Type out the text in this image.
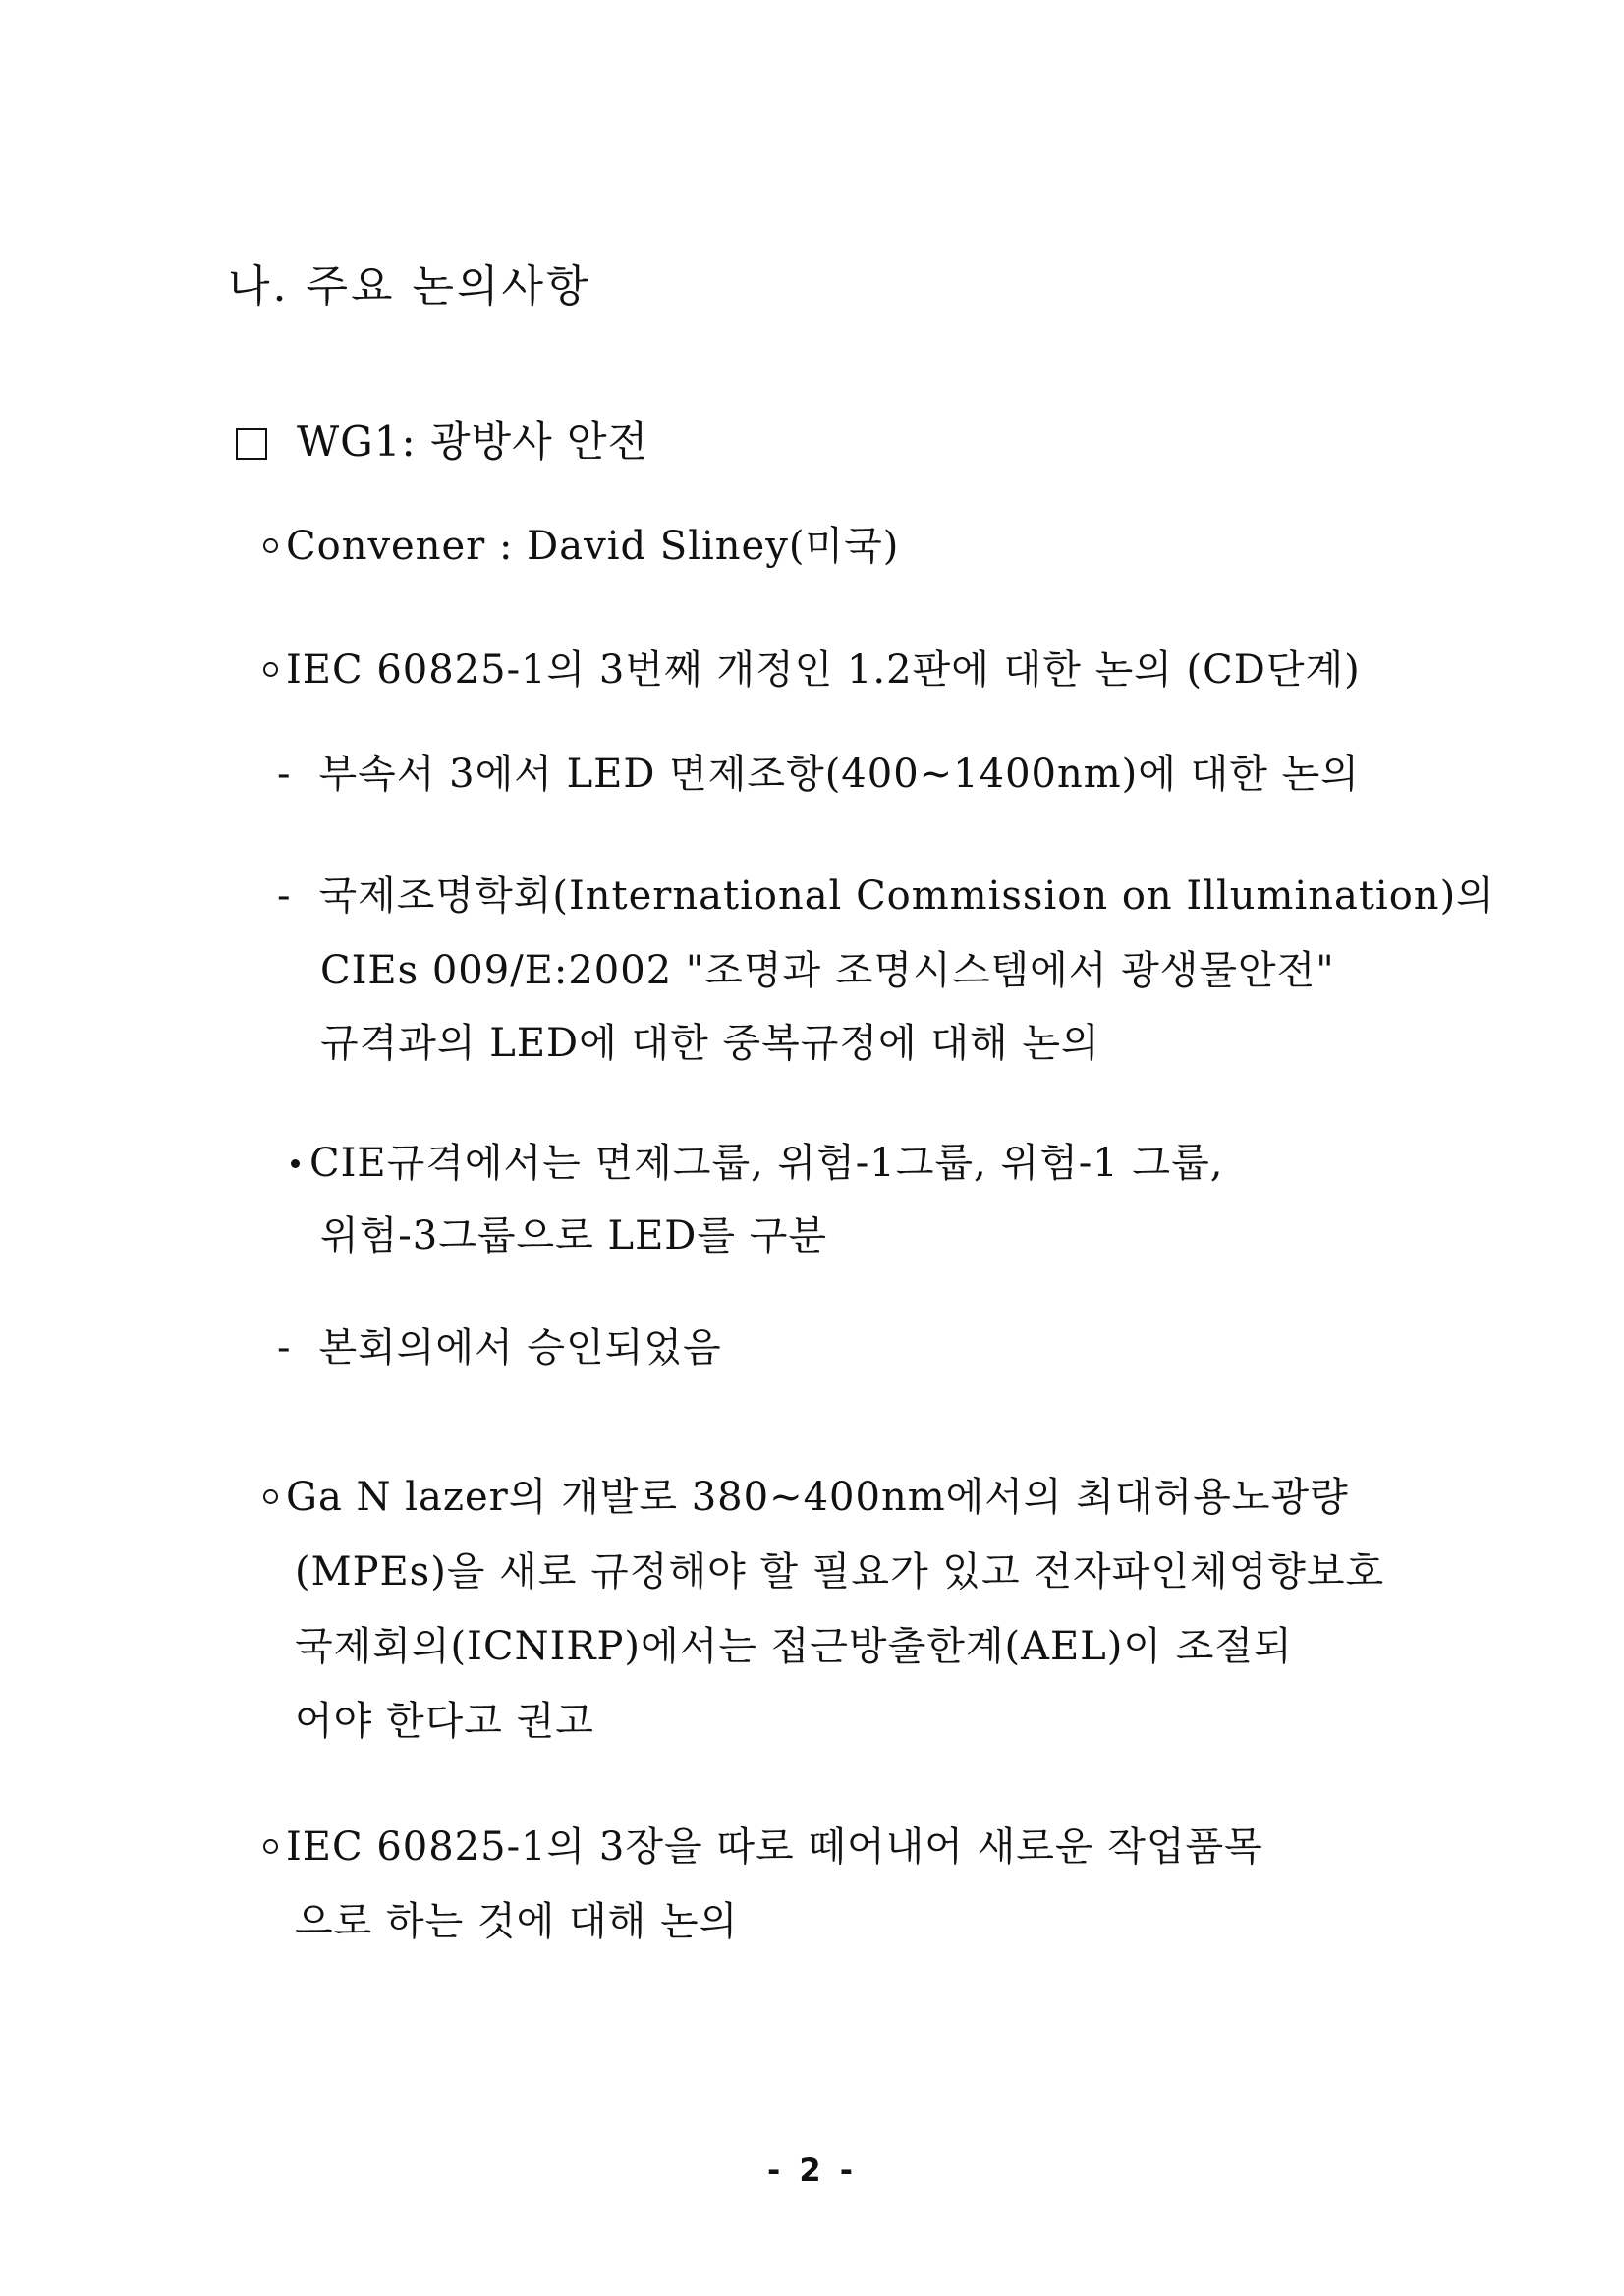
나. 주요 논의사항
WG1: 광방사 안전
Convener : David Sliney(미국)
IEC 60825-1의 3번째 개정인 1.2판에 대한 논의 (CD단계)
- 부속서 3에서 LED 면제조항(400~1400nm)에 대한 논의
- 국제조명학회(International Commission on Illumination)의
CIEs 009/E:2002 "조명과 조명시스템에서 광생물안전"
규격과의 LED에 대한 중복규정에 대해 논의
CIE규격에서는 면제그룹, 위험-1그룹, 위험-1 그룹,
위험-3그룹으로 LED를 구분
- 본회의에서 승인되었음
Ga N lazer의 개발로 380~400nm에서의 최대허용노광량
(MPEs)을 새로 규정해야 할 필요가 있고 전자파인체영향보호
국제회의(ICNIRP)에서는 접근방출한계(AEL)이 조절되
어야 한다고 권고
IEC 60825-1의 3장을 따로 떼어내어 새로운 작업품목
으로 하는 것에 대해 논의
- 2 -
